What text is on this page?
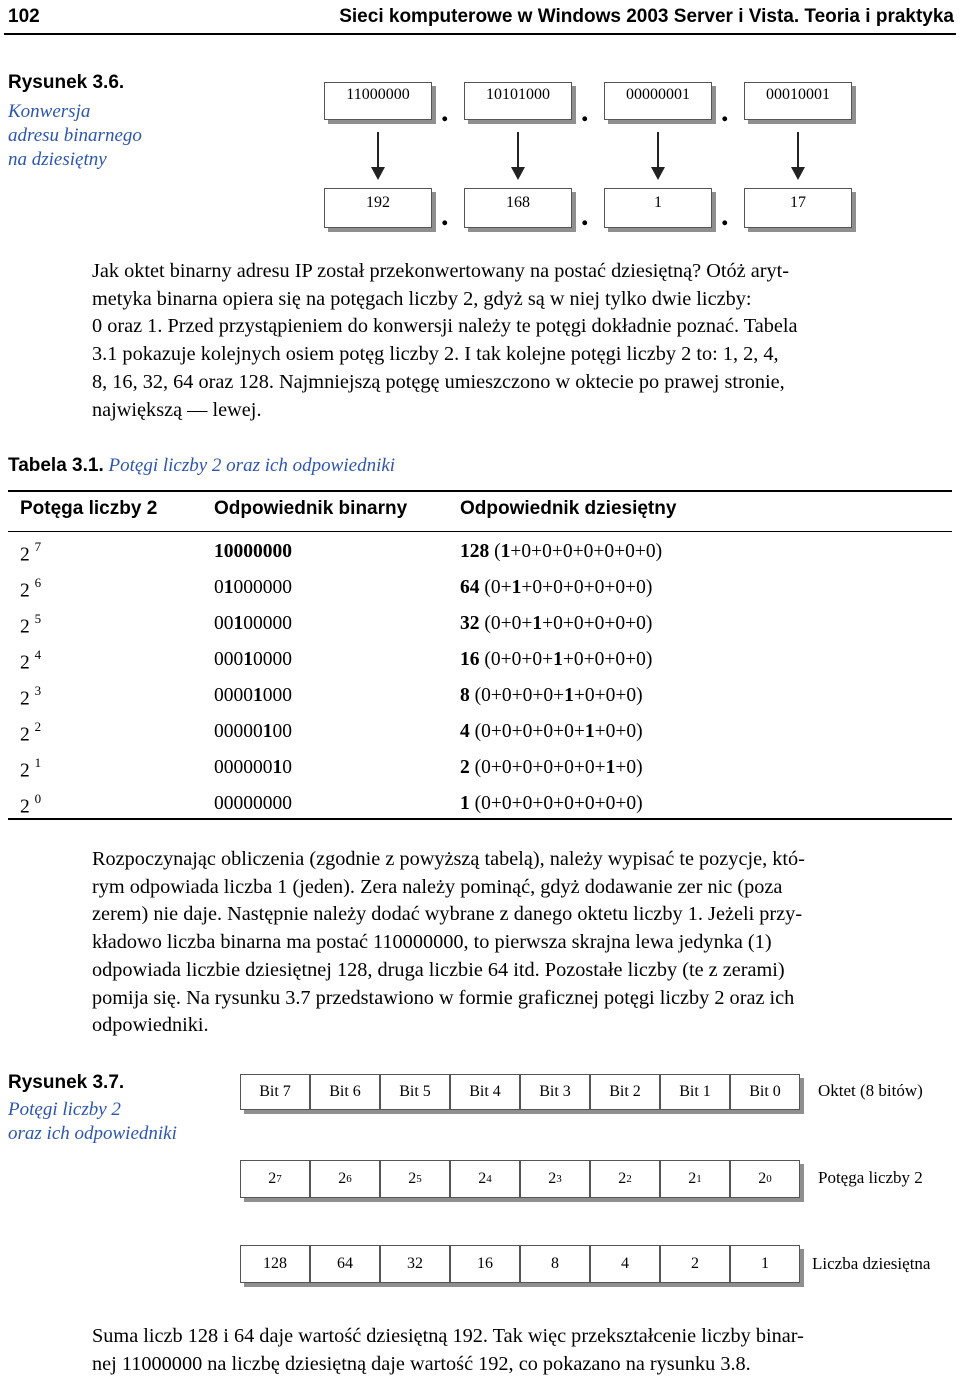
102	Sieci komputerowe w Windows 2003 Server i Vista. Teoria i praktyka
Rysunek 3.6.
Konwersja
adresu binarnego
na dziesiętny
11000000	10101000	00000001	00010001
.	.	.
192	168	1	17
.	.	.
Jak oktet binarny adresu IP został przekonwertowany na postać dziesiętną? Otóż aryt-
metyka binarna opiera się na potęgach liczby 2, gdyż są w niej tylko dwie liczby:
0 oraz 1. Przed przystąpieniem do konwersji należy te potęgi dokładnie poznać. Tabela
3.1 pokazuje kolejnych osiem potęg liczby 2. I tak kolejne potęgi liczby 2 to: 1, 2, 4,
8, 16, 32, 64 oraz 128. Najmniejszą potęgę umieszczono w oktecie po prawej stronie,
największą — lewej.
Tabela 3.1. Potęgi liczby 2 oraz ich odpowiedniki
Potęga liczby 2	Odpowiednik binarny	Odpowiednik dziesiętny
2 $^7$	10000000	128 (1+0+0+0+0+0+0+0)
2 $^6$	01000000	64 (0+1+0+0+0+0+0+0)
2 $^5$	00100000	32 (0+0+1+0+0+0+0+0)
2 $^4$	00010000	16 (0+0+0+1+0+0+0+0)
2 $^3$	00001000	8 (0+0+0+0+1+0+0+0)
2 $^2$	00000100	4 (0+0+0+0+0+1+0+0)
2 $^1$	00000010	2 (0+0+0+0+0+0+1+0)
2 $^0$	00000000	1 (0+0+0+0+0+0+0+0)
Rozpoczynając obliczenia (zgodnie z powyższą tabelą), należy wypisać te pozycje, któ-
rym odpowiada liczba 1 (jeden). Zera należy pominąć, gdyż dodawanie zer nic (poza
zerem) nie daje. Następnie należy dodać wybrane z danego oktetu liczby 1. Jeżeli przy-
kładowo liczba binarna ma postać 110000000, to pierwsza skrajna lewa jedynka (1)
odpowiada liczbie dziesiętnej 128, druga liczbie 64 itd. Pozostałe liczby (te z zerami)
pomija się. Na rysunku 3.7 przedstawiono w formie graficznej potęgi liczby 2 oraz ich
odpowiedniki.
Rysunek 3.7.
Potęgi liczby 2
oraz ich odpowiedniki
Bit 7	Bit 6	Bit 5	Bit 4	Bit 3	Bit 2	Bit 1	Bit 0	Oktet (8 bitów)
2 7	2 6	2 5	2 4	2 3	2 2	2 1	2 0	Potęga liczby 2
128	64	32	16	8	4	2	1	Liczba dziesiętna
Suma liczb 128 i 64 daje wartość dziesiętną 192. Tak więc przekształcenie liczby binar-
nej 11000000 na liczbę dziesiętną daje wartość 192, co pokazano na rysunku 3.8.
